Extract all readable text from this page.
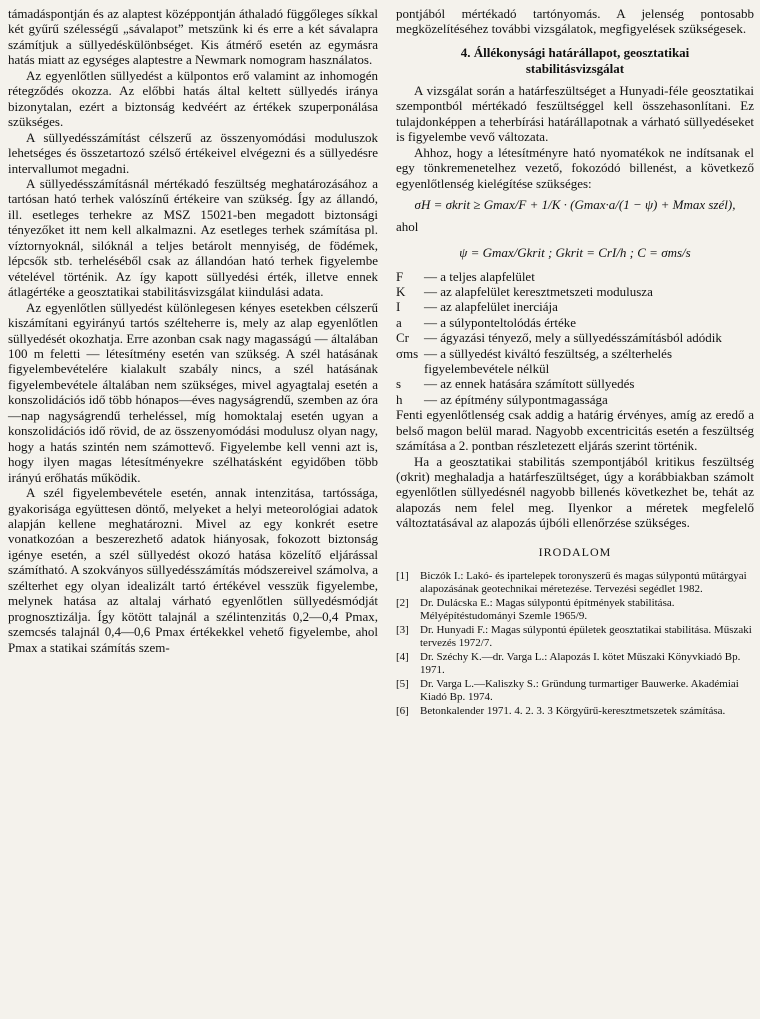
támadáspontján és az alaptest középpontján áthaladó függőleges síkkal két gyűrű szélességű „sávalapot” metszünk ki és erre a két sávalapra számítjuk a süllyedéskülönbséget. Kis átmérő esetén az egymásra hatás miatt az egységes alaptestre a Newmark nomogram használatos.

Az egyenlőtlen süllyedést a külpontos erő valamint az inhomogén rétegződés okozza. Az előbbi hatás által keltett süllyedés iránya bizonytalan, ezért a biztonság kedvéért az értékek szuperponálása szükséges.

A süllyedésszámítást célszerű az összenyomódási moduluszok lehetséges és összetartozó szélső értékeivel elvégezni és a süllyedésre intervallumot megadni.

A süllyedésszámításnál mértékadó feszültség meghatározásához a tartósan ható terhek valószínű értékeire van szükség. Így az állandó, ill. esetleges terhekre az MSZ 15021-ben megadott biztonsági tényezőket itt nem kell alkalmazni. Az esetleges terhek számítása pl. víztornyoknál, silóknál a teljes betárolt mennyiség, de födémek, lépcsők stb. terheléséből csak az állandóan ható terhek figyelembe vételével történik. Az így kapott süllyedési érték, illetve ennek átlagértéke a geosztatikai stabilitásvizsgálat kiindulási adata.

Az egyenlőtlen süllyedést különlegesen kényes esetekben célszerű kiszámítani egyirányú tartós szélteherre is, mely az alap egyenlőtlen süllyedését okozhatja. Erre azonban csak nagy magasságú — általában 100 m feletti — létesítmény esetén van szükség. A szél hatásának figyelembevételére kialakult szabály nincs, a szél hatásának figyelembevétele általában nem szükséges, mivel agyagtalaj esetén a konszolidációs idő több hónapos—éves nagyságrendű, szemben az óra—nap nagyságrendű terheléssel, míg homoktalaj esetén ugyan a konszolidációs idő rövid, de az összenyomódási modulusz olyan nagy, hogy a hatás szintén nem számottevő. Figyelembe kell venni azt is, hogy ilyen magas létesítményekre szélhatásként egyidőben több irányú erőhatás működik.

A szél figyelembevétele esetén, annak intenzitása, tartóssága, gyakorisága együttesen döntő, melyeket a helyi meteorológiai adatok alapján kellene meghatározni. Mivel az egy konkrét esetre vonatkozóan a beszerezhető adatok hiányosak, fokozott biztonság igénye esetén, a szél süllyedést okozó hatása közelítő eljárással számítható. A szokványos süllyedésszámítás módszereivel számolva, a szélterhet egy olyan idealizált tartó értékével vesszük figyelembe, melynek hatása az altalaj várható egyenlőtlen süllyedésmódját prognosztizálja. Így kötött talajnál a szélintenzitás 0,2—0,4 Pmax, szemcsés talajnál 0,4—0,6 Pmax értékekkel vehető figyelembe, ahol Pmax a statikai számítás szem-

pontjából mértékadó tartónyomás. A jelenség pontosabb megközelítéséhez további vizsgálatok, megfigyelések szükségesek.

4. Állékonysági határállapot, geosztatikai
stabilitásvizsgálat

A vizsgálat során a határfeszültséget a Hunyadi-féle geosztatikai szempontból mértékadó feszültséggel kell összehasonlítani. Ez tulajdonképpen a teherbírási határállapotnak a várható süllyedéseket is figyelembe vevő változata.

Ahhoz, hogy a létesítményre ható nyomatékok ne indítsanak el egy tönkremenetelhez vezető, fokozódó billenést, a következő egyenlőtlenség kielégítése szükséges:

σH = σkrit ≥ Gmax/F + 1/K · (Gmax·a/(1 − ψ) + Mmax szél),

ahol

ψ = Gmax/Gkrit ; Gkrit = CrI/h ; C = σms/s
F	— a teljes alapfelület
K	— az alapfelület keresztmetszeti modulusza
I	— az alapfelület inerciája
a	— a súlyponteltolódás értéke
Cr	— ágyazási tényező, mely a süllyedésszámításból adódik
σms — a süllyedést kiváltó feszültség, a szélterhelés figyelembevétele nélkül
s	— az ennek hatására számított süllyedés
h	— az építmény súlypontmagassága

Fenti egyenlőtlenség csak addig a határig érvényes, amíg az eredő a belső magon belül marad. Nagyobb excentricitás esetén a feszültség számítása a 2. pontban részletezett eljárás szerint történik.

Ha a geosztatikai stabilitás szempontjából kritikus feszültség (σkrit) meghaladja a határfeszültséget, úgy a korábbiakban számolt egyenlőtlen süllyedésnél nagyobb billenés következhet be, tehát az alapozás nem felel meg. Ilyenkor a méretek megfelelő változtatásával az alapozás újbóli ellenőrzése szükséges.

IRODALOM
[1]	Biczók I.: Lakó- és ipartelepek toronyszerű és magas súlypontú műtárgyai alapozásának geotechnikai méretezése. Tervezési segédlet 1982.
[2]	Dr. Dulácska E.: Magas súlypontú építmények stabilitása. Mélyépítéstudományi Szemle 1965/9.
[3]	Dr. Hunyadi F.: Magas súlypontú épületek geosztatikai stabilitása. Műszaki tervezés 1972/7.
[4]	Dr. Széchy K.—dr. Varga L.: Alapozás I. kötet Műszaki Könyvkiadó Bp. 1971.
[5]	Dr. Varga L.—Kaliszky S.: Gründung turmartiger Bauwerke. Akadémiai Kiadó Bp. 1974.
[6]	Betonkalender 1971. 4. 2. 3. 3 Körgyűrű-keresztmetszetek számítása.
